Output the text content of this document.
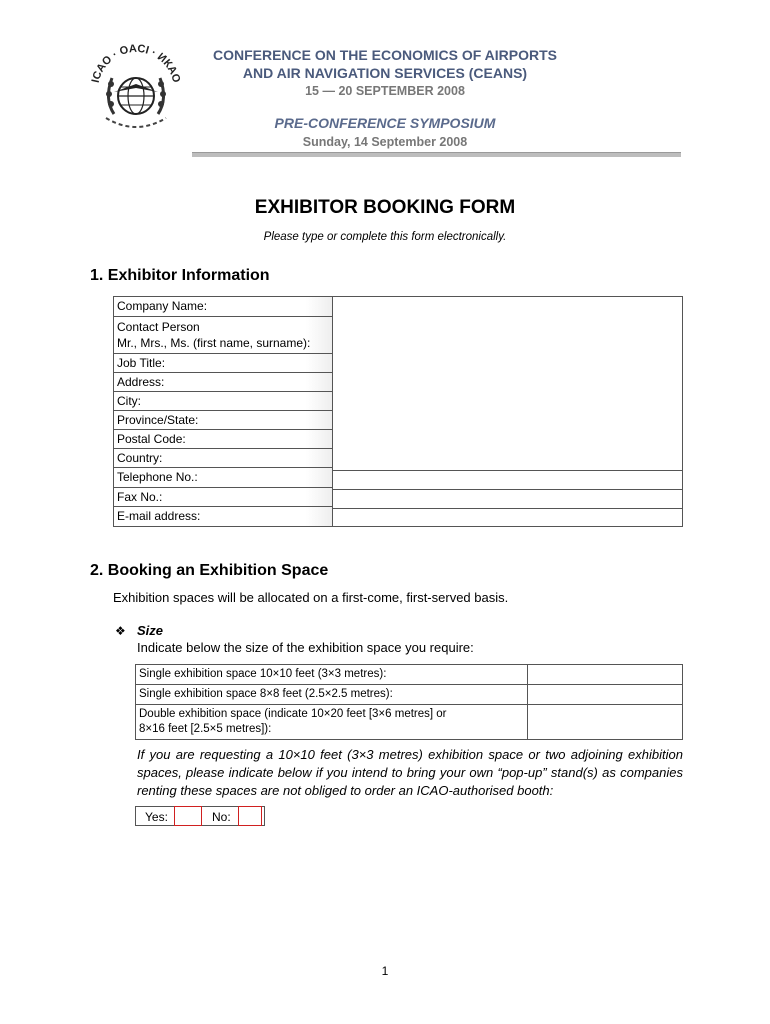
ICAO · OACI · ИКАО
CONFERENCE ON THE ECONOMICS OF AIRPORTS
AND AIR NAVIGATION SERVICES (CEANS)
15 — 20 SEPTEMBER 2008
PRE-CONFERENCE SYMPOSIUM
Sunday, 14 September 2008
EXHIBITOR BOOKING FORM
Please type or complete this form electronically.
1. Exhibitor Information
Company Name:
Contact Person
Mr., Mrs., Ms. (first name, surname):
Job Title:
Address:
City:
Province/State:
Postal Code:
Country:
Telephone No.:
Fax No.:
E-mail address:
2. Booking an Exhibition Space
Exhibition spaces will be allocated on a first-come, first-served basis.
❖ Size
Indicate below the size of the exhibition space you require:
Single exhibition space 10×10 feet (3×3 metres):
Single exhibition space 8×8 feet (2.5×2.5 metres):
Double exhibition space (indicate 10×20 feet [3×6 metres] or
8×16 feet [2.5×5 metres]):
If you are requesting a 10×10 feet (3×3 metres) exhibition space or two adjoining exhibition spaces, please indicate below if you intend to bring your own “pop-up” stand(s) as companies renting these spaces are not obliged to order an ICAO-authorised booth:
Yes:	No:
1
